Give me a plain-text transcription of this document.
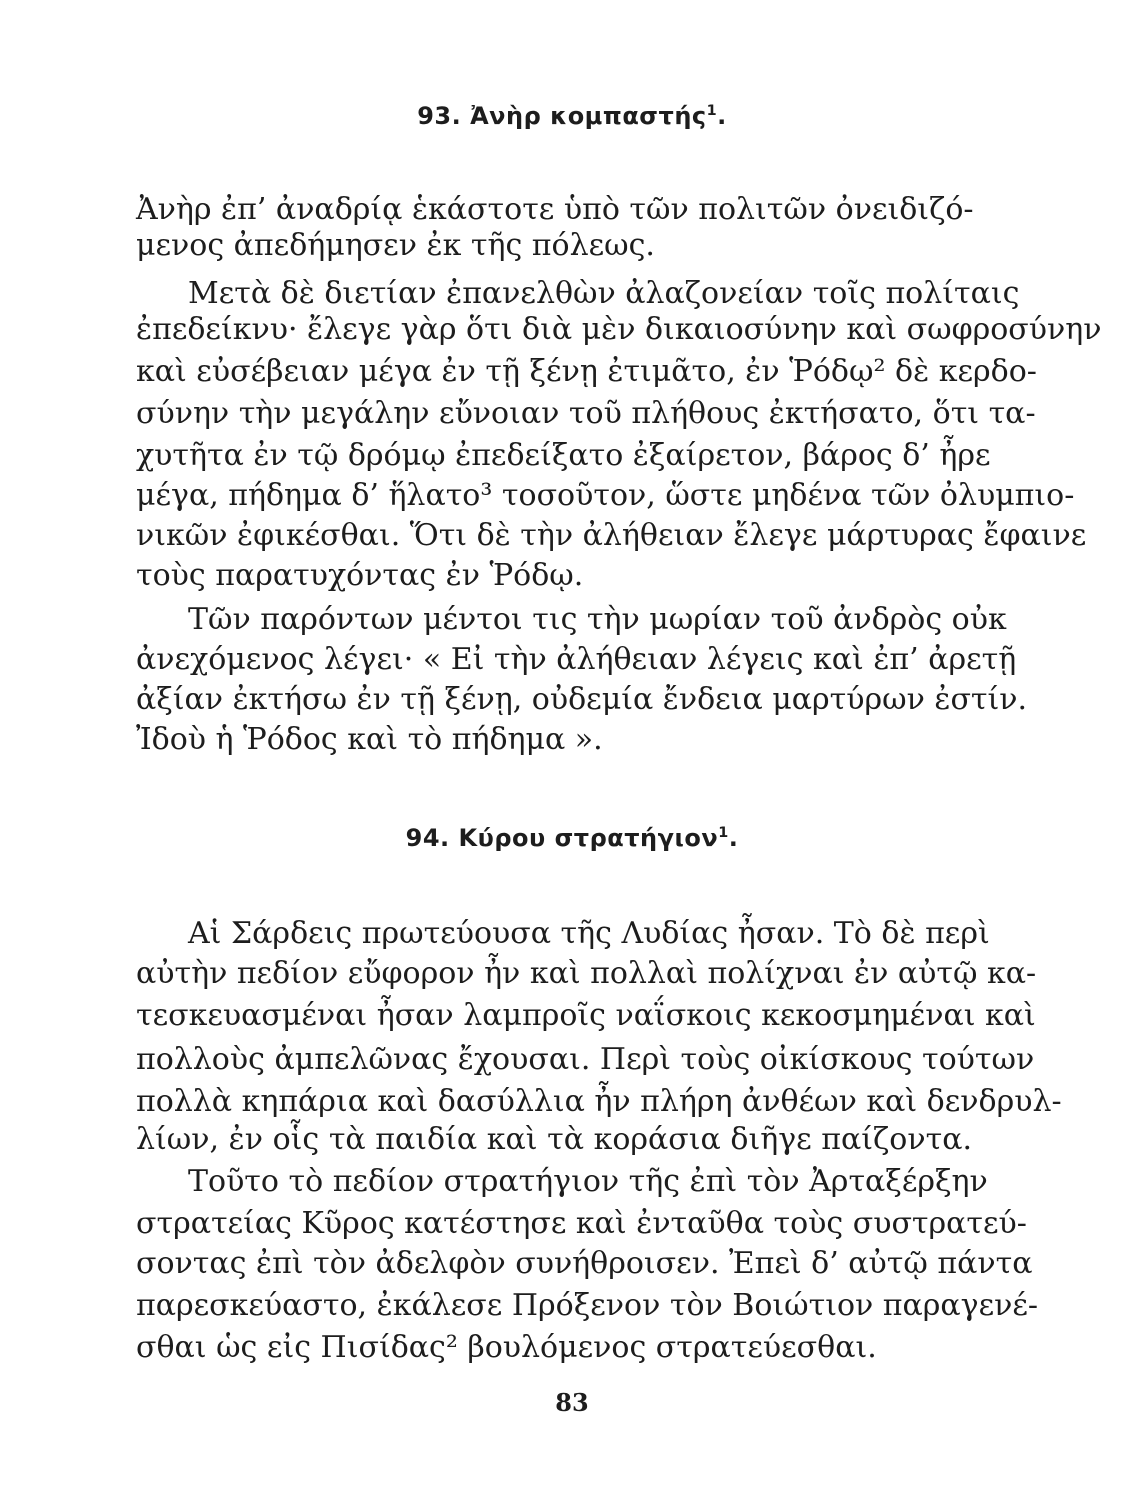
93. Ἀνὴρ κομπαστής$^1$.
Ἀνὴρ ἐπ’ ἀναδρίᾳ ἑκάστοτε ὑπὸ τῶν πολιτῶν ὀνειδιζό-
μενος ἀπεδήμησεν ἐκ τῆς πόλεως.
Μετὰ δὲ διετίαν ἐπανελθὼν ἀλαζονείαν τοῖς πολίταις
ἐπεδείκνυ· ἔλεγε γὰρ ὅτι διὰ μὲν δικαιοσύνην καὶ σωφροσύνην
καὶ εὐσέβειαν μέγα ἐν τῇ ξένῃ ἐτιμᾶτο, ἐν Ῥόδῳ² δὲ κερδο-
σύνην τὴν μεγάλην εὔνοιαν τοῦ πλήθους ἐκτήσατο, ὅτι τα-
χυτῆτα ἐν τῷ δρόμῳ ἐπεδείξατο ἐξαίρετον, βάρος δ’ ἦρε
μέγα, πήδημα δ’ ἥλατο³ τοσοῦτον, ὥστε μηδένα τῶν ὀλυμπιο-
νικῶν ἐφικέσθαι. Ὅτι δὲ τὴν ἀλήθειαν ἔλεγε μάρτυρας ἔφαινε
τοὺς παρατυχόντας ἐν Ῥόδῳ.
Τῶν παρόντων μέντοι τις τὴν μωρίαν τοῦ ἀνδρὸς οὐκ
ἀνεχόμενος λέγει· « Εἰ τὴν ἀλήθειαν λέγεις καὶ ἐπ’ ἀρετῇ
ἀξίαν ἐκτήσω ἐν τῇ ξένῃ, οὐδεμία ἔνδεια μαρτύρων ἐστίν.
Ἰδοὺ ἡ Ῥόδος καὶ τὸ πήδημα ».
94. Κύρου στρατήγιον$^1$.
Αἱ Σάρδεις πρωτεύουσα τῆς Λυδίας ἦσαν. Τὸ δὲ περὶ
αὐτὴν πεδίον εὔφορον ἦν καὶ πολλαὶ πολίχναι ἐν αὐτῷ κα-
τεσκευασμέναι ἦσαν λαμπροῖς ναΐσκοις κεκοσμημέναι καὶ
πολλοὺς ἀμπελῶνας ἔχουσαι. Περὶ τοὺς οἰκίσκους τούτων
πολλὰ κηπάρια καὶ δασύλλια ἦν πλήρη ἀνθέων καὶ δενδρυλ-
λίων, ἐν οἷς τὰ παιδία καὶ τὰ κοράσια διῆγε παίζοντα.
Τοῦτο τὸ πεδίον στρατήγιον τῆς ἐπὶ τὸν Ἀρταξέρξην
στρατείας Κῦρος κατέστησε καὶ ἐνταῦθα τοὺς συστρατεύ-
σοντας ἐπὶ τὸν ἀδελφὸν συνήθροισεν. Ἐπεὶ δ’ αὐτῷ πάντα
παρεσκεύαστο, ἐκάλεσε Πρόξενον τὸν Βοιώτιον παραγενέ-
σθαι ὡς εἰς Πισίδας² βουλόμενος στρατεύεσθαι.
83
